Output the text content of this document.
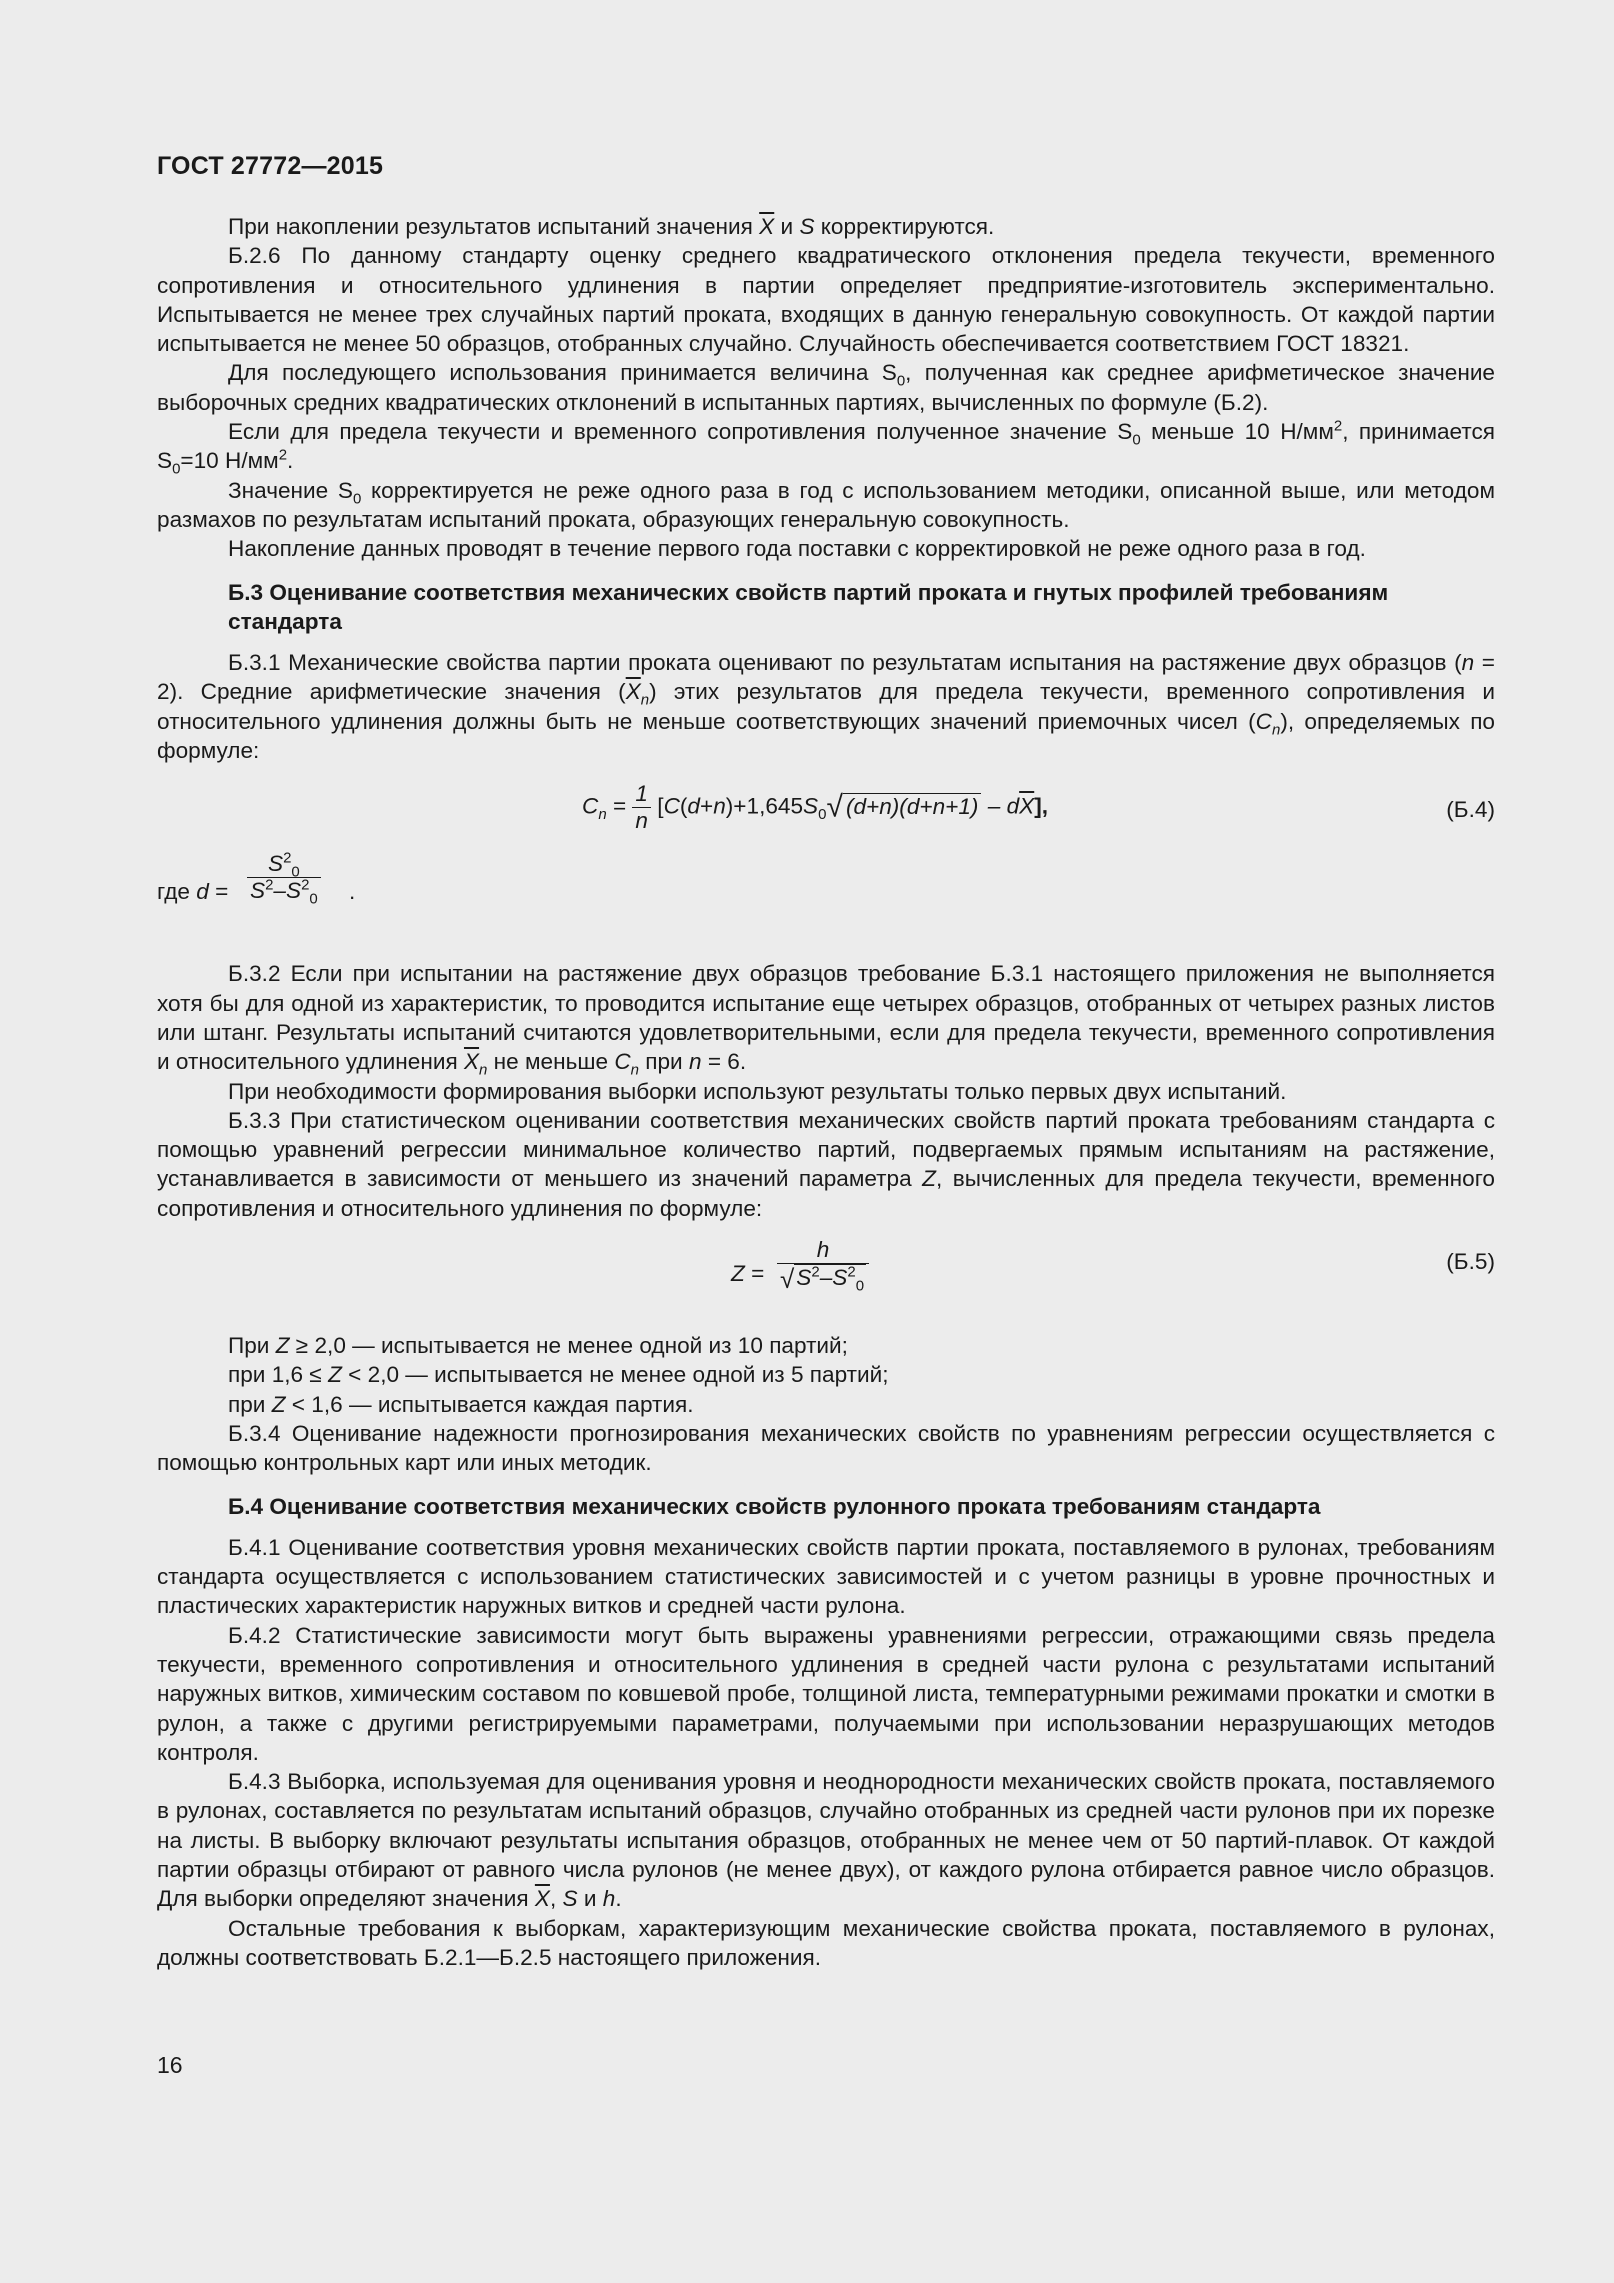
ГОСТ 27772—2015

При накоплении результатов испытаний значения $\overline{X}$ и S корректируются.

Б.2.6 По данному стандарту оценку среднего квадратического отклонения предела текучести, временного сопротивления и относительного удлинения в партии определяет предприятие-изготовитель экспериментально. Испытывается не менее трех случайных партий проката, входящих в данную генеральную совокупность. От каждой партии испытывается не менее 50 образцов, отобранных случайно. Случайность обеспечивается соответствием ГОСТ 18321.

Для последующего использования принимается величина $S_0$, полученная как среднее арифметическое значение выборочных средних квадратических отклонений в испытанных партиях, вычисленных по формуле (Б.2).

Если для предела текучести и временного сопротивления полученное значение $S_0$ меньше 10 $Н/мм^2$, принимается $S_0=10$ $Н/мм^2$.

Значение $S_0$ корректируется не реже одного раза в год с использованием методики, описанной выше, или методом размахов по результатам испытаний проката, образующих генеральную совокупность.

Накопление данных проводят в течение первого года поставки с корректировкой не реже одного раза в год.

Б.3 Оценивание соответствия механических свойств партий проката и гнутых профилей требованиям стандарта

Б.3.1 Механические свойства партии проката оценивают по результатам испытания на растяжение двух образцов (n = 2). Средние арифметические значения $(\overline{X}_n)$ этих результатов для предела текучести, временного сопротивления и относительного удлинения должны быть не меньше соответствующих значений приемочных чисел $(C_n)$, определяемых по формуле:

$C_n = \frac{1}{n} [C(d+n)+1,645S_0√$ $(d+n)(d+n+1) - d\overline{X}$],	(Б.4)
где $d = \frac{S^2_0}{S^2-S^2_0}$ .

Б.3.2 Если при испытании на растяжение двух образцов требование Б.3.1 настоящего приложения не выполняется хотя бы для одной из характеристик, то проводится испытание еще четырех образцов, отобранных от четырех разных листов или штанг. Результаты испытаний считаются удовлетворительными, если для предела текучести, временного сопротивления и относительного удлинения $\overline{X}_n$ не меньше $C_n$ при n = 6.

При необходимости формирования выборки используют результаты только первых двух испытаний.

Б.3.3 При статистическом оценивании соответствия механических свойств партий проката требованиям стандарта с помощью уравнений регрессии минимальное количество партий, подвергаемых прямым испытаниям на растяжение, устанавливается в зависимости от меньшего из значений параметра Z, вычисленных для предела текучести, временного сопротивления и относительного удлинения по формуле:

$Z = \frac{h}{√S^2-S^2_0}$	(Б.5)

При Z ≥ 2,0 — испытывается не менее одной из 10 партий;

при 1,6 ≤ Z < 2,0 — испытывается не менее одной из 5 партий;

при Z < 1,6 — испытывается каждая партия.

Б.3.4 Оценивание надежности прогнозирования механических свойств по уравнениям регрессии осуществляется с помощью контрольных карт или иных методик.

Б.4 Оценивание соответствия механических свойств рулонного проката требованиям стандарта

Б.4.1 Оценивание соответствия уровня механических свойств партии проката, поставляемого в рулонах, требованиям стандарта осуществляется с использованием статистических зависимостей и с учетом разницы в уровне прочностных и пластических характеристик наружных витков и средней части рулона.

Б.4.2 Статистические зависимости могут быть выражены уравнениями регрессии, отражающими связь предела текучести, временного сопротивления и относительного удлинения в средней части рулона с результатами испытаний наружных витков, химическим составом по ковшевой пробе, толщиной листа, температурными режимами прокатки и смотки в рулон, а также с другими регистрируемыми параметрами, получаемыми при использовании неразрушающих методов контроля.

Б.4.3 Выборка, используемая для оценивания уровня и неоднородности механических свойств проката, поставляемого в рулонах, составляется по результатам испытаний образцов, случайно отобранных из средней части рулонов при их порезке на листы. В выборку включают результаты испытания образцов, отобранных не менее чем от 50 партий-плавок. От каждой партии образцы отбирают от равного числа рулонов (не менее двух), от каждого рулона отбирается равное число образцов. Для выборки определяют значения $\overline{X}$, S и h.

Остальные требования к выборкам, характеризующим механические свойства проката, поставляемого в рулонах, должны соответствовать Б.2.1—Б.2.5 настоящего приложения.

16
